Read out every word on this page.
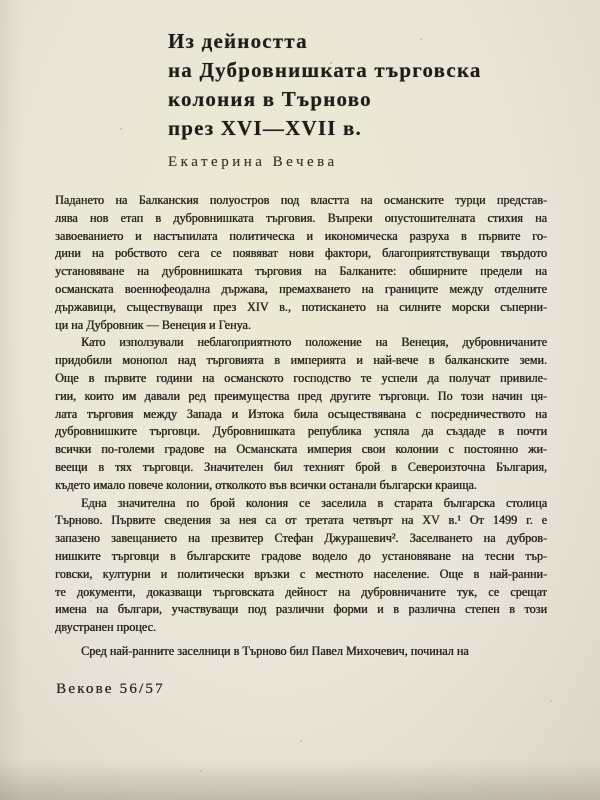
Из дейността
на Дубровнишката търговска
колония в Търново
през XVI—XVII в.
Екатерина Вечева
Падането на Балканския полуостров под властта на османските турци представ-
лява нов етап в дубровнишката търговия. Въпреки опустошителната стихия на
завоеванието и настъпилата политическа и икономическа разруха в първите го-
дини на робството сега се появяват нови фактори, благоприятствуващи твърдото
установяване на дубровнишката търговия на Балканите: обширните предели на
османската военнофеодална държава, премахването на границите между отделните
държавици, съществуващи през XIV в., потискането на силните морски съперни-
ци на Дубровник — Венеция и Генуа.
Като използували неблагоприятното положение на Венеция, дубровничаните
придобили монопол над търговията в империята и най-вече в балканските земи.
Още в първите години на османското господство те успели да получат привиле-
гии, които им давали ред преимущества пред другите търговци. По този начин ця-
лата търговия между Запада и Изтока била осъществявана с посредничеството на
дубровнишките търговци. Дубровнишката република успяла да създаде в почти
всички по-големи градове на Османската империя свои колонии с постоянно жи-
веещи в тях търговци. Значителен бил техният брой в Североизточна България,
където имало повече колонии, отколкото във всички останали български краища.
Една значителна по брой колония се заселила в старата българска столица
Търново. Първите сведения за нея са от третата четвърт на XV в.¹ От 1499 г. е
запазено завещанието на презвитер Стефан Джурашевич². Заселването на дубров-
нишките търговци в българските градове водело до установяване на тесни тър-
говски, културни и политически връзки с местното население. Още в най-ранни-
те документи, доказващи търговската дейност на дубровничаните тук, се срещат
имена на българи, участвуващи под различни форми и в различна степен в този
двустранен процес.
Сред най-ранните заселници в Търново бил Павел Михочевич, починал на
Векове 56/57
